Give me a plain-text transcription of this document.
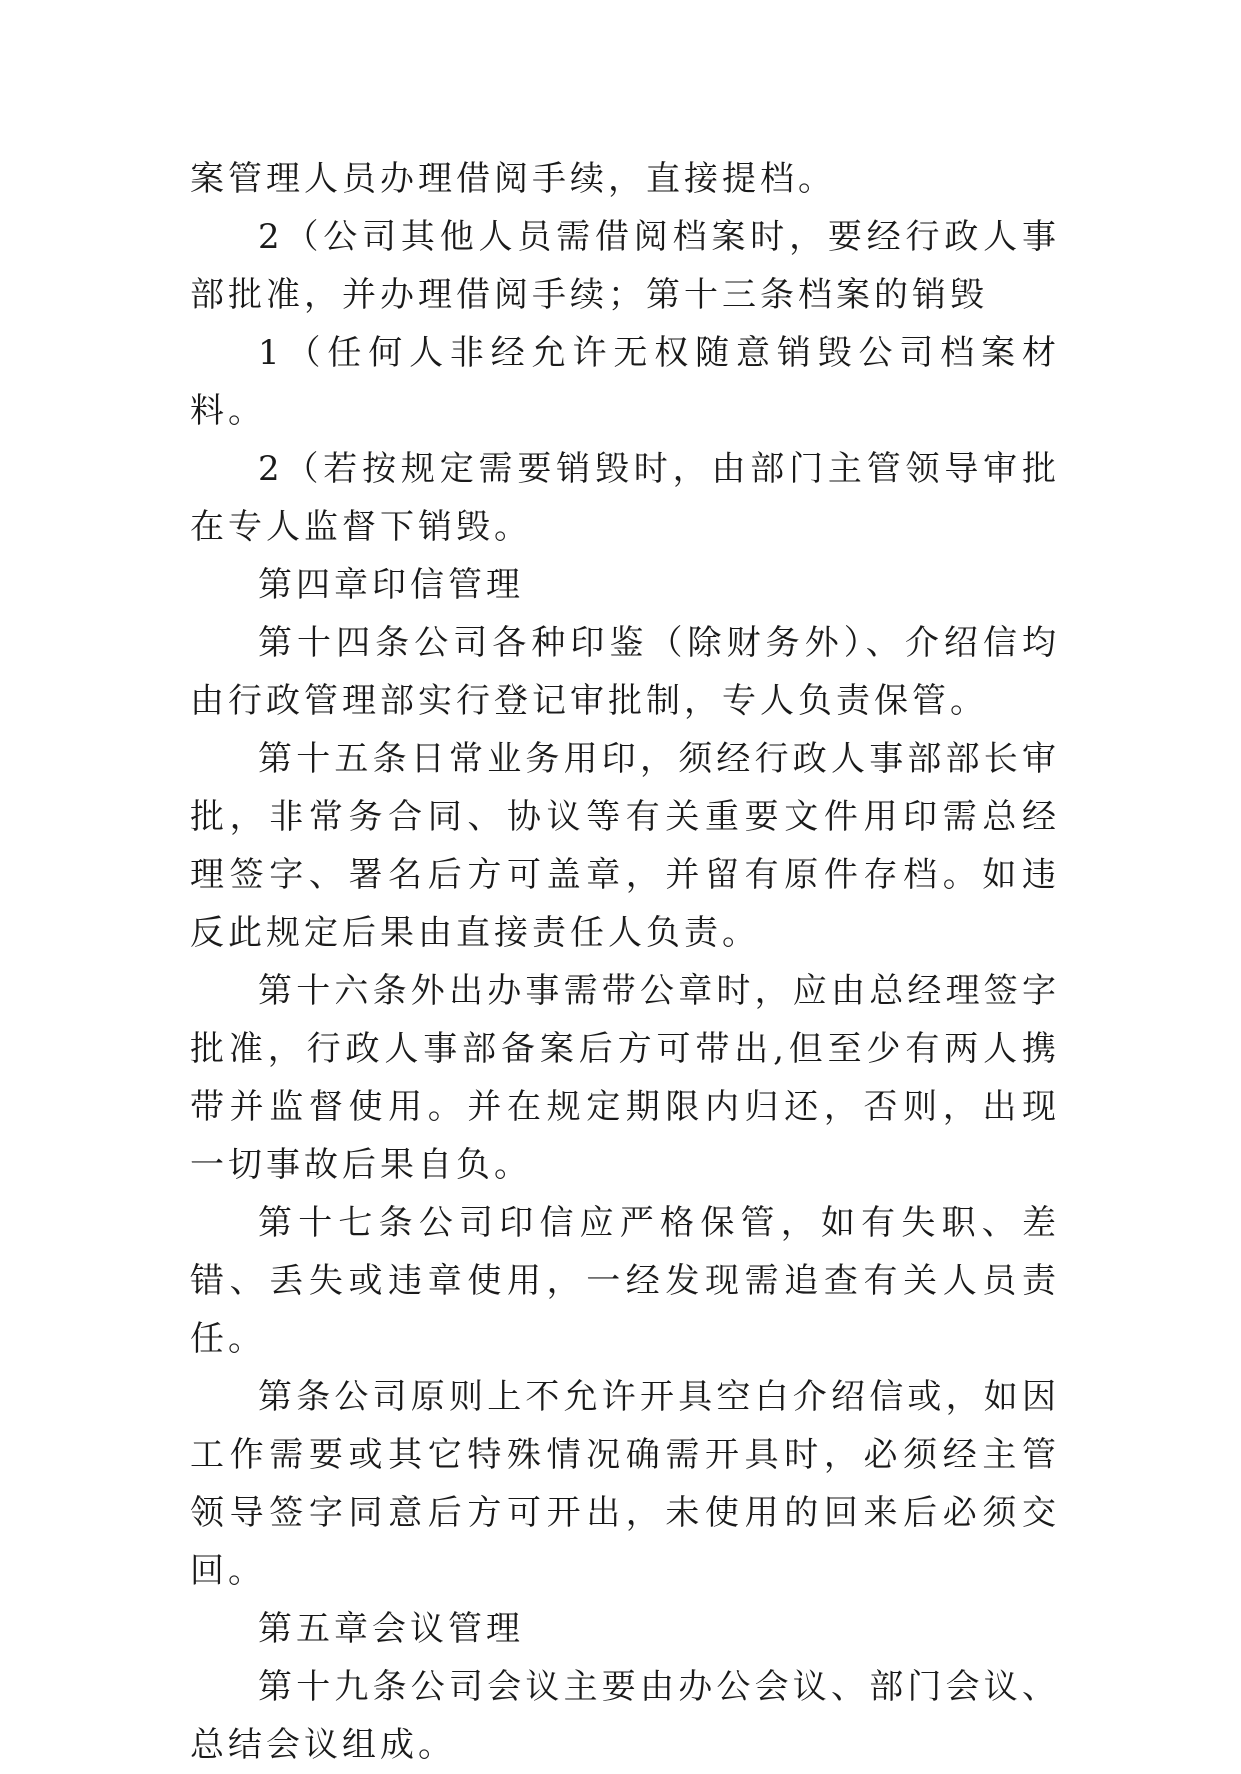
案管理人员办理借阅手续，直接提档。

2（公司其他人员需借阅档案时，要经行政人事部批准，并办理借阅手续；第十三条档案的销毁

1（任何人非经允许无权随意销毁公司档案材料。

2（若按规定需要销毁时，由部门主管领导审批在专人监督下销毁。

第四章印信管理

第十四条公司各种印鉴（除财务外）、介绍信均由行政管理部实行登记审批制，专人负责保管。

第十五条日常业务用印，须经行政人事部部长审批，非常务合同、协议等有关重要文件用印需总经理签字、署名后方可盖章，并留有原件存档。如违反此规定后果由直接责任人负责。

第十六条外出办事需带公章时，应由总经理签字批准，行政人事部备案后方可带出,但至少有两人携带并监督使用。并在规定期限内归还，否则，出现一切事故后果自负。

第十七条公司印信应严格保管，如有失职、差错、丢失或违章使用，一经发现需追查有关人员责任。

第条公司原则上不允许开具空白介绍信或，如因工作需要或其它特殊情况确需开具时，必须经主管领导签字同意后方可开出，未使用的回来后必须交回。

第五章会议管理

第十九条公司会议主要由办公会议、部门会议、总结会议组成。
